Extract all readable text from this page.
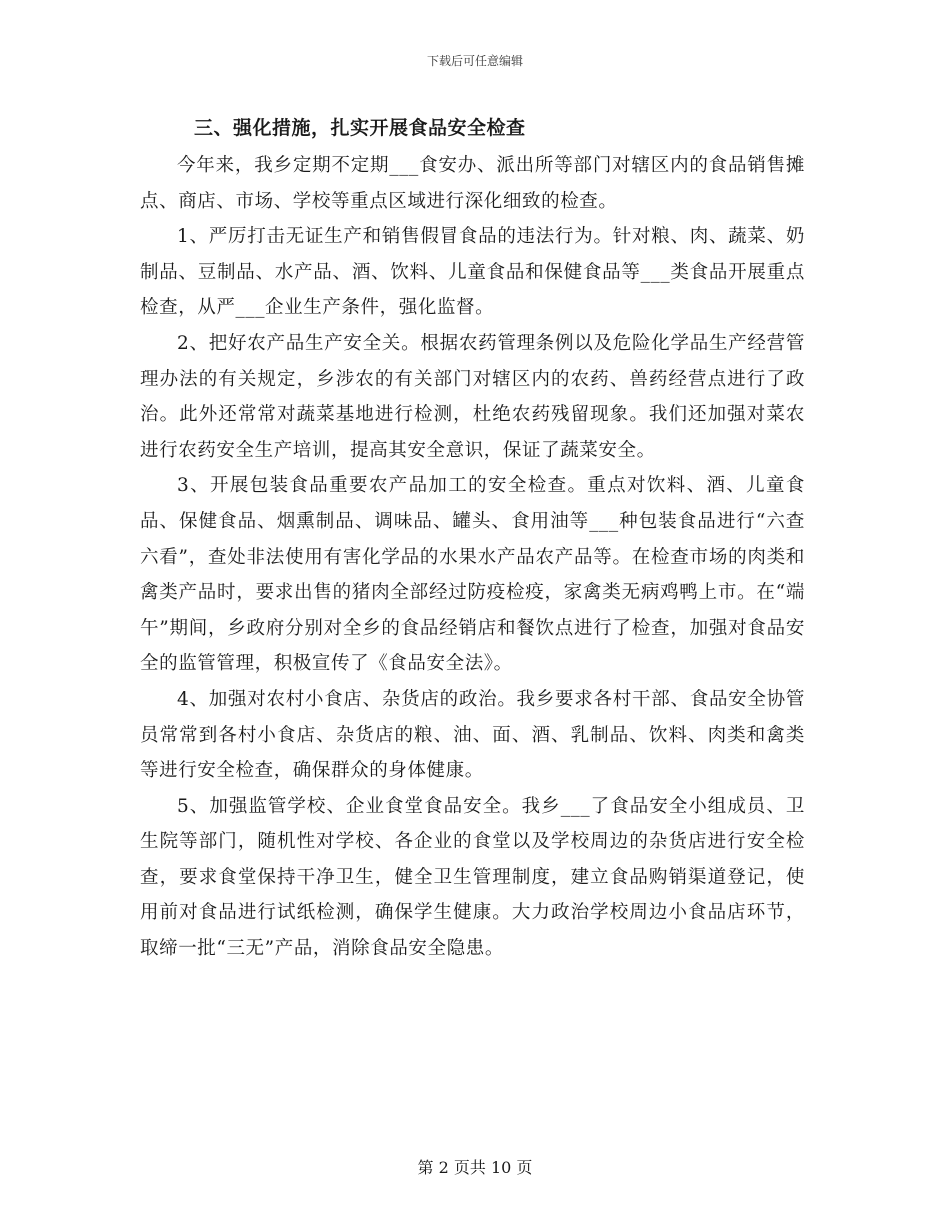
下载后可任意编辑
三、强化措施，扎实开展食品安全检查

今年来，我乡定期不定期___食安办、派出所等部门对辖区内的食品销售摊点、商店、市场、学校等重点区域进行深化细致的检查。

1、严厉打击无证生产和销售假冒食品的违法行为。针对粮、肉、蔬菜、奶制品、豆制品、水产品、酒、饮料、儿童食品和保健食品等___类食品开展重点检查，从严___企业生产条件，强化监督。

2、把好农产品生产安全关。根据农药管理条例以及危险化学品生产经营管理办法的有关规定，乡涉农的有关部门对辖区内的农药、兽药经营点进行了政治。此外还常常对蔬菜基地进行检测，杜绝农药残留现象。我们还加强对菜农进行农药安全生产培训，提高其安全意识，保证了蔬菜安全。

3、开展包装食品重要农产品加工的安全检查。重点对饮料、酒、儿童食品、保健食品、烟熏制品、调味品、罐头、食用油等___种包装食品进行“六查六看”，查处非法使用有害化学品的水果水产品农产品等。在检查市场的肉类和禽类产品时，要求出售的猪肉全部经过防疫检疫，家禽类无病鸡鸭上市。在“端午”期间，乡政府分别对全乡的食品经销店和餐饮点进行了检查，加强对食品安全的监管管理，积极宣传了《食品安全法》。

4、加强对农村小食店、杂货店的政治。我乡要求各村干部、食品安全协管员常常到各村小食店、杂货店的粮、油、面、酒、乳制品、饮料、肉类和禽类等进行安全检查，确保群众的身体健康。

5、加强监管学校、企业食堂食品安全。我乡___了食品安全小组成员、卫生院等部门，随机性对学校、各企业的食堂以及学校周边的杂货店进行安全检查，要求食堂保持干净卫生，健全卫生管理制度，建立食品购销渠道登记，使用前对食品进行试纸检测，确保学生健康。大力政治学校周边小食品店环节，取缔一批“三无”产品，消除食品安全隐患。

第 2 页共 10 页
